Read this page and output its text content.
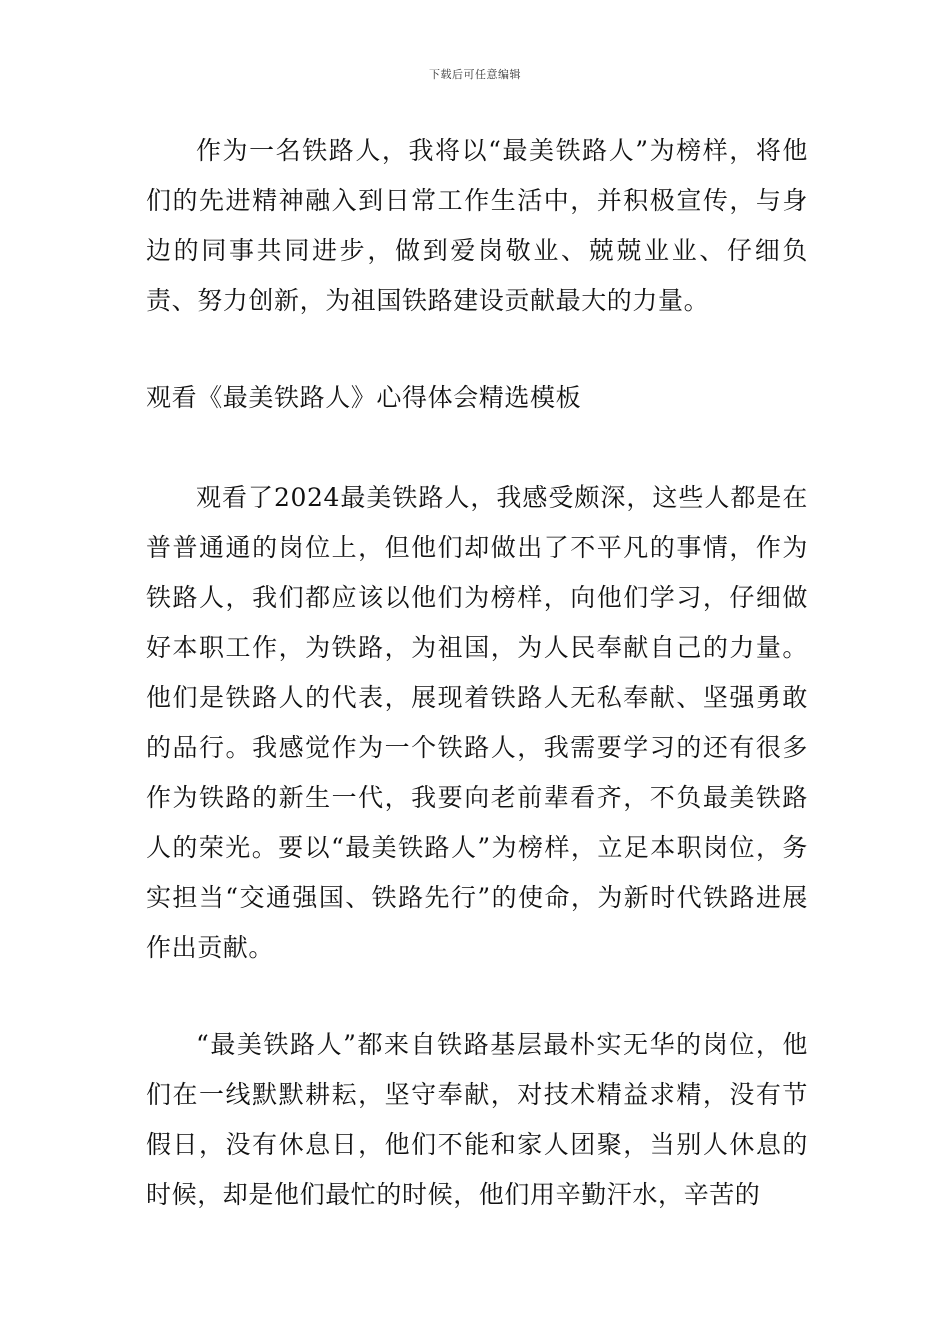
下载后可任意编辑

作为一名铁路人，我将以“最美铁路人”为榜样，将他们的先进精神融入到日常工作生活中，并积极宣传，与身边的同事共同进步，做到爱岗敬业、兢兢业业、仔细负责、努力创新，为祖国铁路建设贡献最大的力量。

观看《最美铁路人》心得体会精选模板

观看了2024最美铁路人，我感受颇深，这些人都是在普普通通的岗位上，但他们却做出了不平凡的事情，作为铁路人，我们都应该以他们为榜样，向他们学习，仔细做好本职工作，为铁路，为祖国，为人民奉献自己的力量。他们是铁路人的代表，展现着铁路人无私奉献、坚强勇敢的品行。我感觉作为一个铁路人，我需要学习的还有很多作为铁路的新生一代，我要向老前辈看齐，不负最美铁路人的荣光。要以“最美铁路人”为榜样，立足本职岗位，务实担当“交通强国、铁路先行”的使命，为新时代铁路进展作出贡献。

“最美铁路人”都来自铁路基层最朴实无华的岗位，他们在一线默默耕耘，坚守奉献，对技术精益求精，没有节假日，没有休息日，他们不能和家人团聚，当别人休息的时候，却是他们最忙的时候，他们用辛勤汗水，辛苦的
